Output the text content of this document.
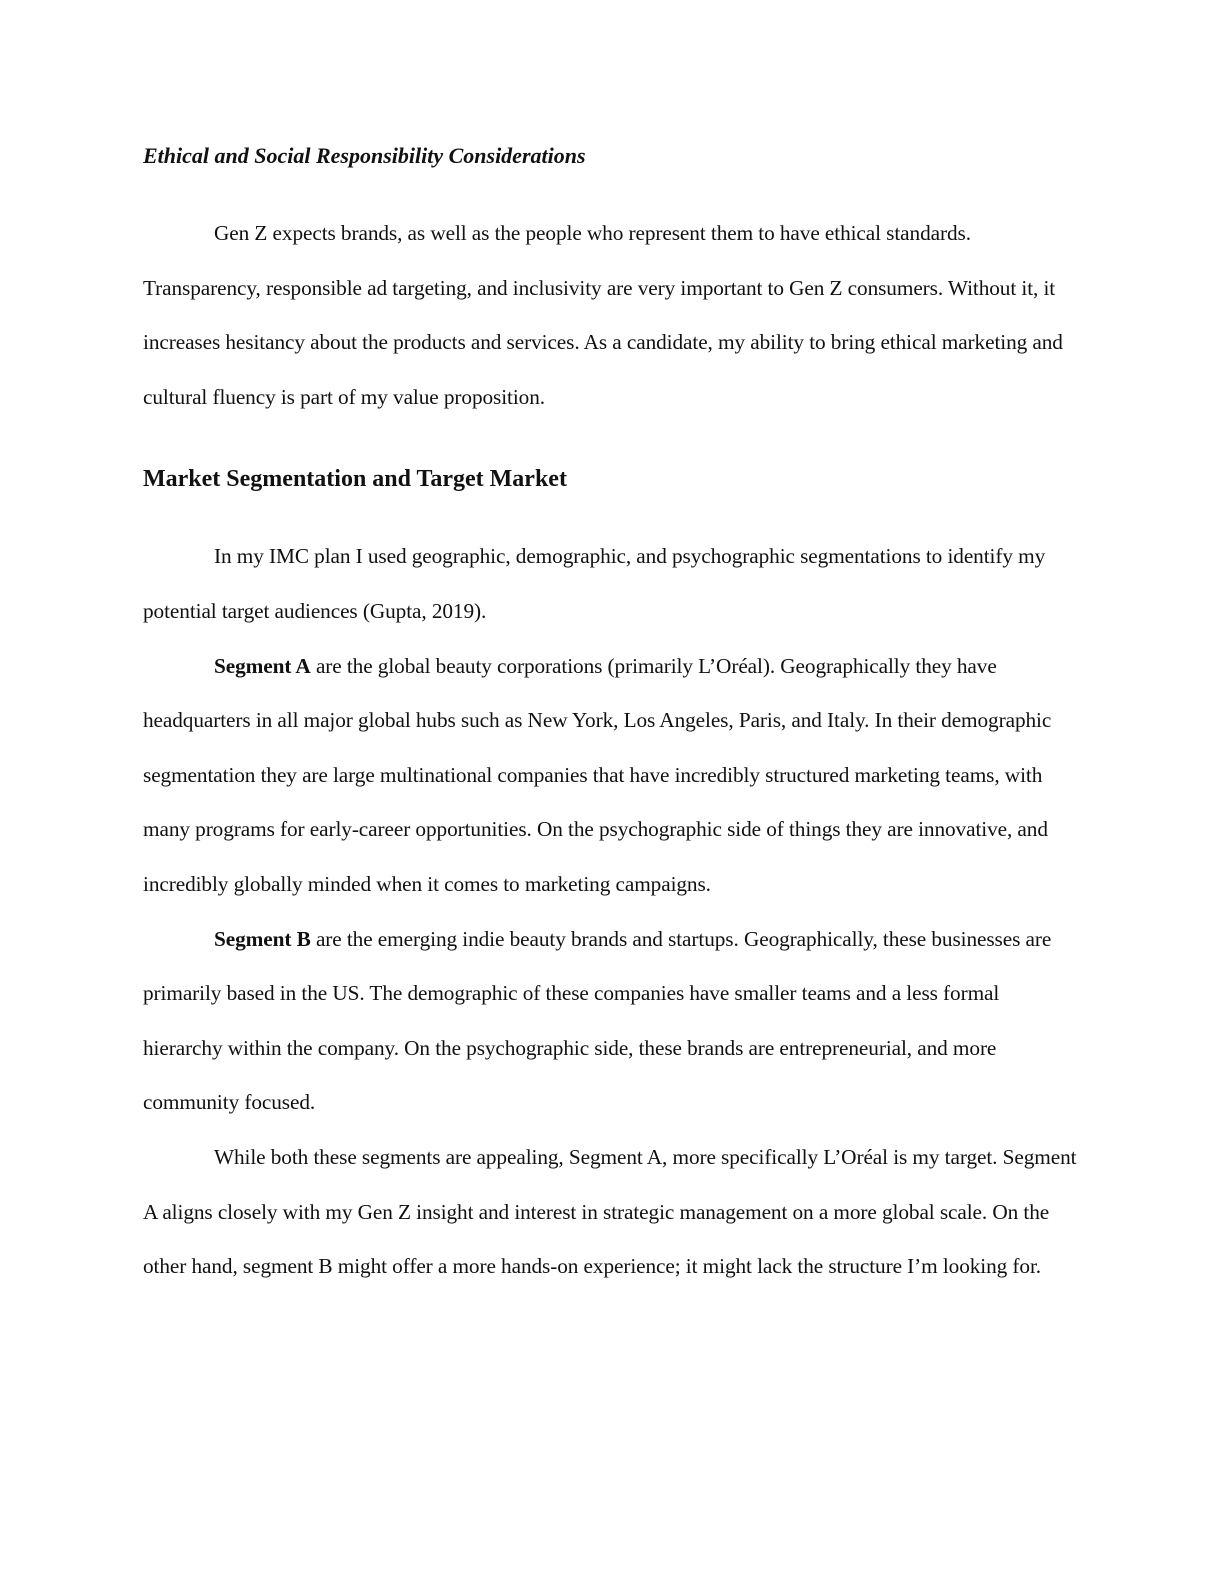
Ethical and Social Responsibility Considerations

Gen Z expects brands, as well as the people who represent them to have ethical standards. Transparency, responsible ad targeting, and inclusivity are very important to Gen Z consumers. Without it, it increases hesitancy about the products and services. As a candidate, my ability to bring ethical marketing and cultural fluency is part of my value proposition.

Market Segmentation and Target Market

In my IMC plan I used geographic, demographic, and psychographic segmentations to identify my potential target audiences (Gupta, 2019).

Segment A are the global beauty corporations (primarily L’Oréal). Geographically they have headquarters in all major global hubs such as New York, Los Angeles, Paris, and Italy. In their demographic segmentation they are large multinational companies that have incredibly structured marketing teams, with many programs for early-career opportunities. On the psychographic side of things they are innovative, and incredibly globally minded when it comes to marketing campaigns.

Segment B are the emerging indie beauty brands and startups. Geographically, these businesses are primarily based in the US. The demographic of these companies have smaller teams and a less formal hierarchy within the company. On the psychographic side, these brands are entrepreneurial, and more community focused.

While both these segments are appealing, Segment A, more specifically L’Oréal is my target. Segment A aligns closely with my Gen Z insight and interest in strategic management on a more global scale. On the other hand, segment B might offer a more hands-on experience; it might lack the structure I’m looking for.
